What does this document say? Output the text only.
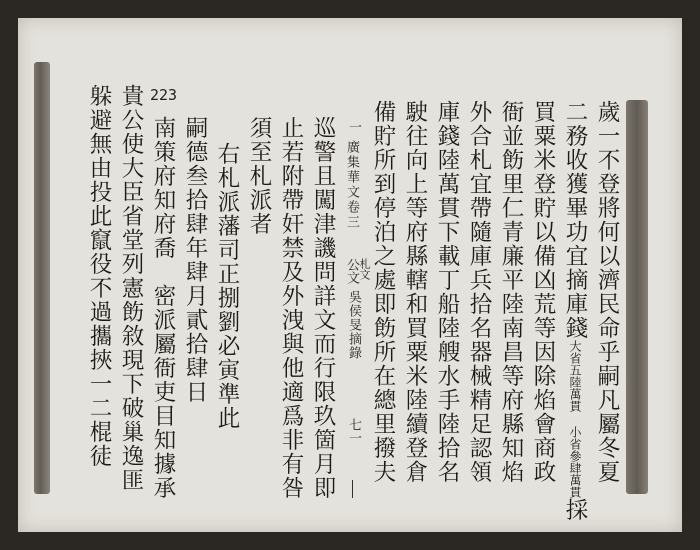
223
歲一不登將何以濟民命乎嗣凡屬冬夏
二務收獲畢功宜摘庫錢大省五陸萬貫 小省參肆萬貫採
買粟米登貯以備凶荒等因除焰會商政
衙並飭里仁青廉平陸南昌等府縣知焰
外合札宜帶隨庫兵拾名器械精足認領
庫錢陸萬貫下載丁船陸艘水手陸拾名
駛往向上等府縣轄和買粟米陸續登倉
備貯所到停泊之處即飭所在總里撥夫
一
廣集華文卷三
公文 札文
吳侯旻摘錄
七一
巡警且闖津譏問詳文而行限玖箇月即
止若附帶奸禁及外洩與他適爲非有咎
須至札派者
右札派藩司正捌劉必寅準此
嗣德叁拾肆年肆月貳拾肆日
南策府知府喬　密派屬衙吏目知據承
貴公使大臣省堂列憲飭敘現下破巢逸匪
躲避無由投此竄役不過攜挾一二棍徒
